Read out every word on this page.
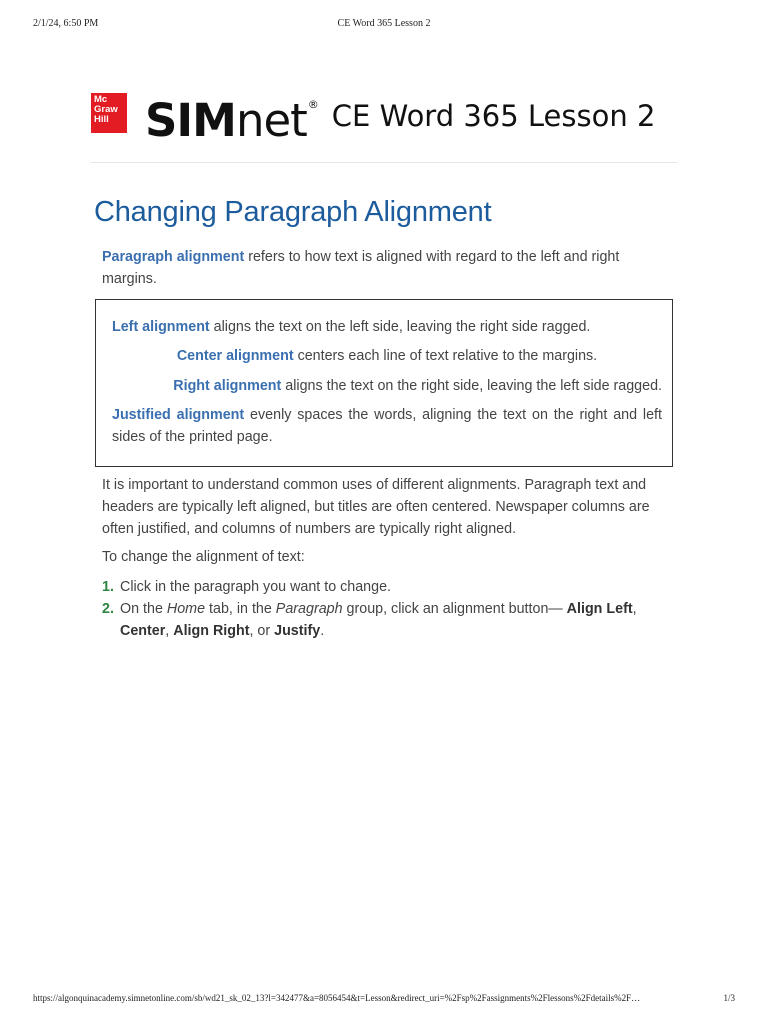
2/1/24, 6:50 PM	CE Word 365 Lesson 2
Mc
Graw
Hill SIMnet® CE Word 365 Lesson 2
Changing Paragraph Alignment

Paragraph alignment refers to how text is aligned with regard to the left and right margins.

Left alignment aligns the text on the left side, leaving the right side ragged.
Center alignment centers each line of text relative to the margins.
Right alignment aligns the text on the right side, leaving the left side ragged.
Justified alignment evenly spaces the words, aligning the text on the right and left sides of the printed page.

It is important to understand common uses of different alignments. Paragraph text and headers are typically left aligned, but titles are often centered. Newspaper columns are often justified, and columns of numbers are typically right aligned.

To change the alignment of text:

1. Click in the paragraph you want to change.
2. On the Home tab, in the Paragraph group, click an alignment button— Align Left, Center, Align Right, or Justify.
https://algonquinacademy.simnetonline.com/sb/wd21_sk_02_13?l=342477&a=8056454&t=Lesson&redirect_uri=%2Fsp%2Fassignments%2Flessons%2Fdetails%2F…	1/3
